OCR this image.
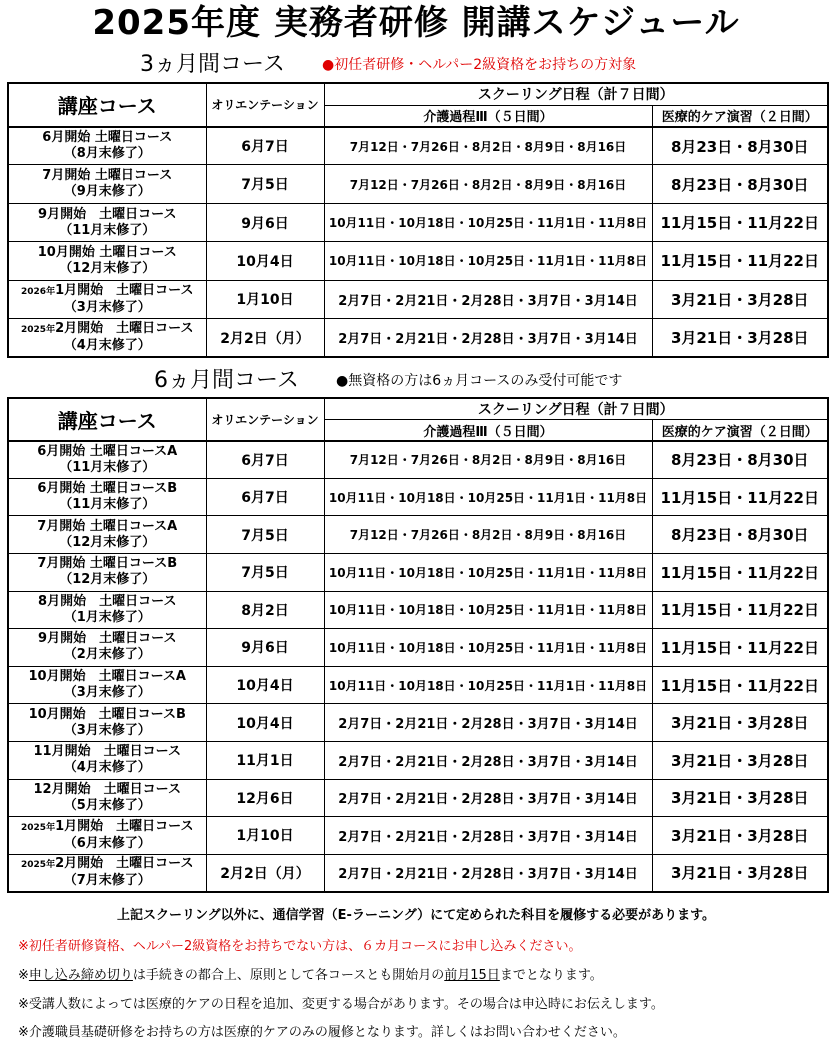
2025年度 実務者研修 開講スケジュール
3ヵ月間コース	●初任者研修・ヘルパー2級資格をお持ちの方対象
講座コース	オリエンテーション	スクーリング日程（計７日間）	
		介護過程Ⅲ（５日間）	医療的ケア演習（２日間）

6月開始 土曜日コース
（8月末修了）	6月7日	7月12日・7月26日・8月2日・8月9日・8月16日	8月23日・8月30日

7月開始 土曜日コース
（9月末修了）	7月5日	7月12日・7月26日・8月2日・8月9日・8月16日	8月23日・8月30日

9月開始　土曜日コース
（11月末修了）	9月6日	10月11日・10月18日・10月25日・11月1日・11月8日	11月15日・11月22日

10月開始 土曜日コース
（12月末修了）	10月4日	10月11日・10月18日・10月25日・11月1日・11月8日	11月15日・11月22日

2026年1月開始　土曜日コース
（3月末修了）	1月10日	2月7日・2月21日・2月28日・3月7日・3月14日	3月21日・3月28日

2025年2月開始　土曜日コース
（4月末修了）	2月2日（月）	2月7日・2月21日・2月28日・3月7日・3月14日	3月21日・3月28日
6ヵ月間コース	●無資格の方は6ヵ月コースのみ受付可能です
講座コース	オリエンテーション	スクーリング日程（計７日間）	
		介護過程Ⅲ（５日間）	医療的ケア演習（２日間）

6月開始 土曜日コースA
（11月末修了）	6月7日	7月12日・7月26日・8月2日・8月9日・8月16日	8月23日・8月30日

6月開始 土曜日コースB
（11月末修了）	6月7日	10月11日・10月18日・10月25日・11月1日・11月8日	11月15日・11月22日

7月開始 土曜日コースA
（12月末修了）	7月5日	7月12日・7月26日・8月2日・8月9日・8月16日	8月23日・8月30日

7月開始 土曜日コースB
（12月末修了）	7月5日	10月11日・10月18日・10月25日・11月1日・11月8日	11月15日・11月22日

8月開始　土曜日コース
（1月末修了）	8月2日	10月11日・10月18日・10月25日・11月1日・11月8日	11月15日・11月22日

9月開始　土曜日コース
（2月末修了）	9月6日	10月11日・10月18日・10月25日・11月1日・11月8日	11月15日・11月22日

10月開始　土曜日コースA
（3月末修了）	10月4日	10月11日・10月18日・10月25日・11月1日・11月8日	11月15日・11月22日

10月開始　土曜日コースB
（3月末修了）	10月4日	2月7日・2月21日・2月28日・3月7日・3月14日	3月21日・3月28日

11月開始　土曜日コース
（4月末修了）	11月1日	2月7日・2月21日・2月28日・3月7日・3月14日	3月21日・3月28日

12月開始　土曜日コース
（5月末修了）	12月6日	2月7日・2月21日・2月28日・3月7日・3月14日	3月21日・3月28日

2025年1月開始　土曜日コース
（6月末修了）	1月10日	2月7日・2月21日・2月28日・3月7日・3月14日	3月21日・3月28日

2025年2月開始　土曜日コース
（7月末修了）	2月2日（月）	2月7日・2月21日・2月28日・3月7日・3月14日	3月21日・3月28日
上記スクーリング以外に、通信学習（E-ラーニング）にて定められた科目を履修する必要があります。
※初任者研修資格、ヘルパー2級資格をお持ちでない方は、６カ月コースにお申し込みください。
※申し込み締め切りは手続きの都合上、原則として各コースとも開始月の前月15日までとなります。
※受講人数によっては医療的ケアの日程を追加、変更する場合があります。その場合は申込時にお伝えします。
※介護職員基礎研修をお持ちの方は医療的ケアのみの履修となります。詳しくはお問い合わせください。
